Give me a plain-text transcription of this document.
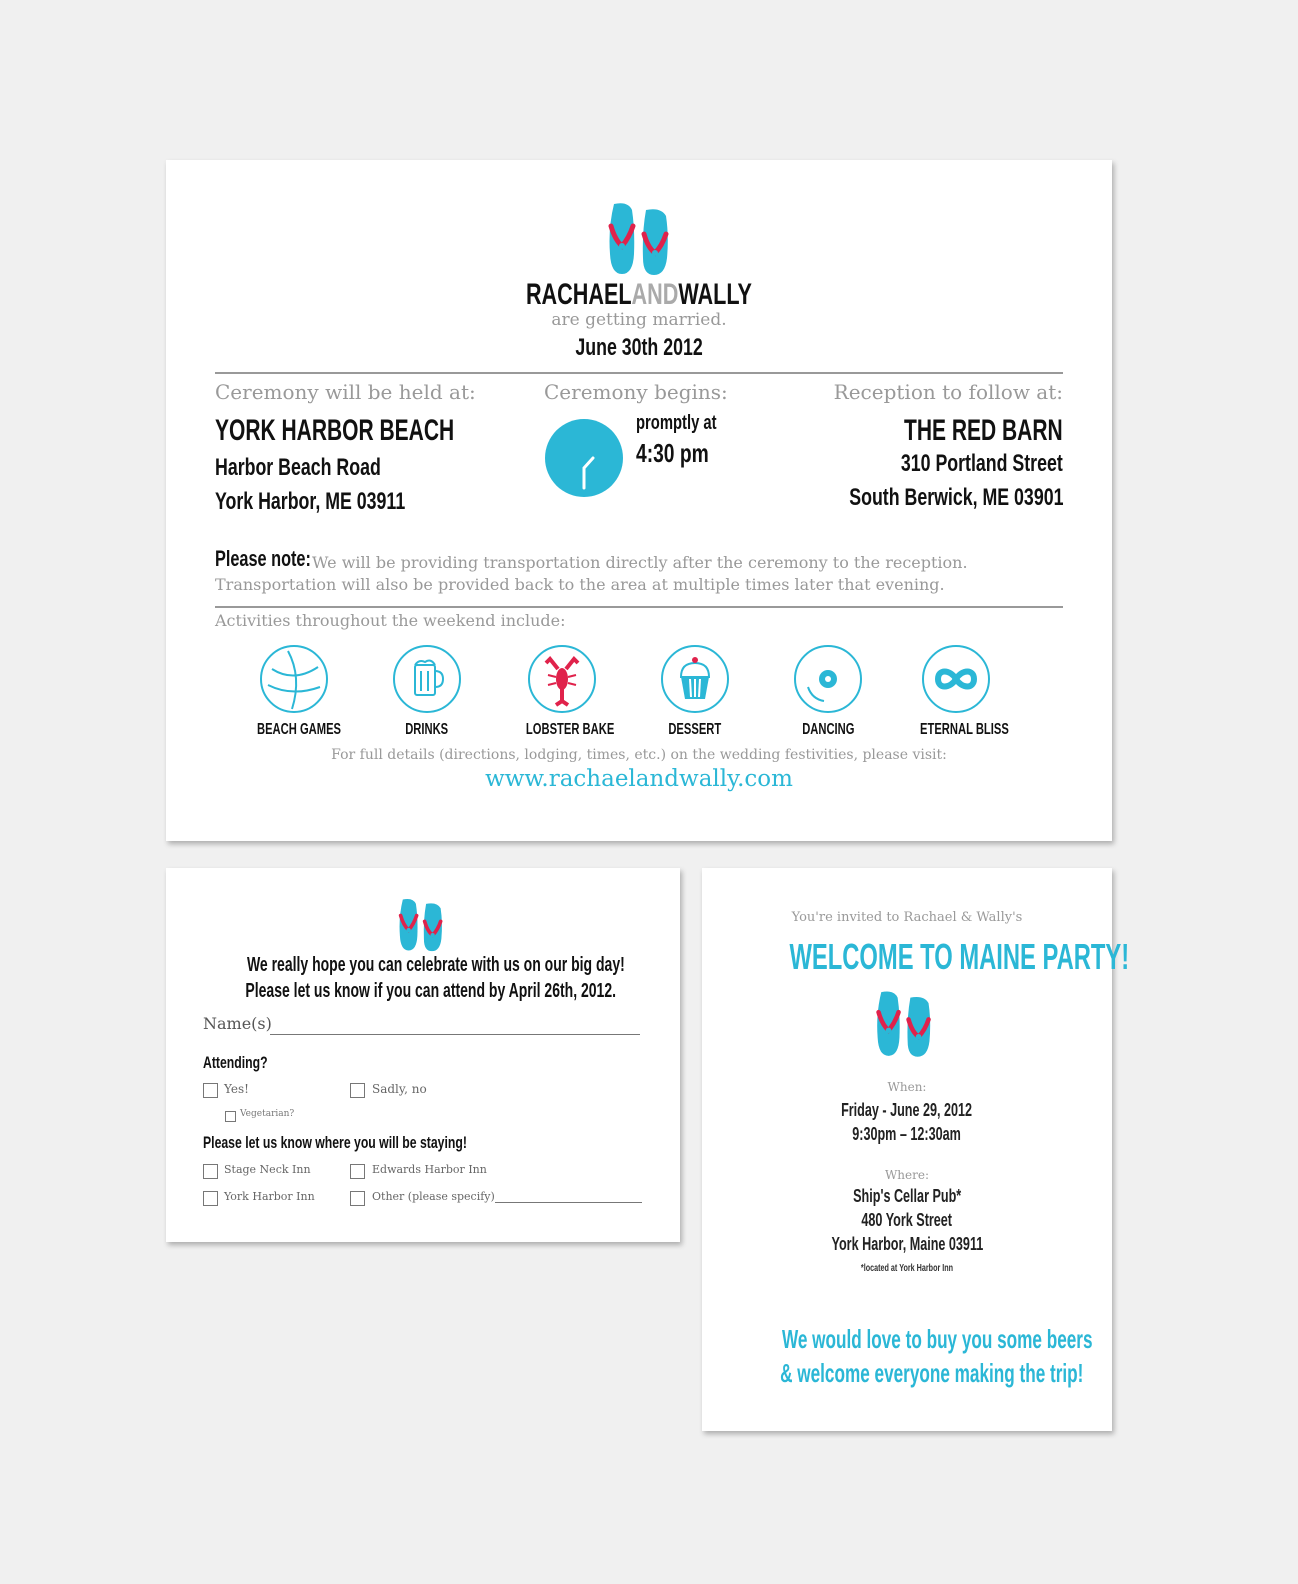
RACHAELANDWALLY
are getting married.
June 30th 2012
Ceremony will be held at:
YORK HARBOR BEACH
Harbor Beach Road
York Harbor, ME 03911
Ceremony begins:
promptly at
4:30 pm
Reception to follow at:
THE RED BARN
310 Portland Street
South Berwick, ME 03901
Please note: We will be providing transportation directly after the ceremony to the reception.
Transportation will also be provided back to the area at multiple times later that evening.
Activities throughout the weekend include:
BEACH GAMES	DRINKS	LOBSTER BAKE	DESSERT	DANCING	ETERNAL BLISS
For full details (directions, lodging, times, etc.) on the wedding festivities, please visit:
www.rachaelandwally.com
We really hope you can celebrate with us on our big day!
Please let us know if you can attend by April 26th, 2012.
Name(s)
Attending?
Yes!	Sadly, no
Vegetarian?
Please let us know where you will be staying!
Stage Neck Inn	Edwards Harbor Inn
York Harbor Inn	Other (please specify)
You're invited to Rachael & Wally's
WELCOME TO MAINE PARTY!
When:
Friday - June 29, 2012
9:30pm – 12:30am
Where:
Ship's Cellar Pub*
480 York Street
York Harbor, Maine 03911
*located at York Harbor Inn
We would love to buy you some beers
& welcome everyone making the trip!
